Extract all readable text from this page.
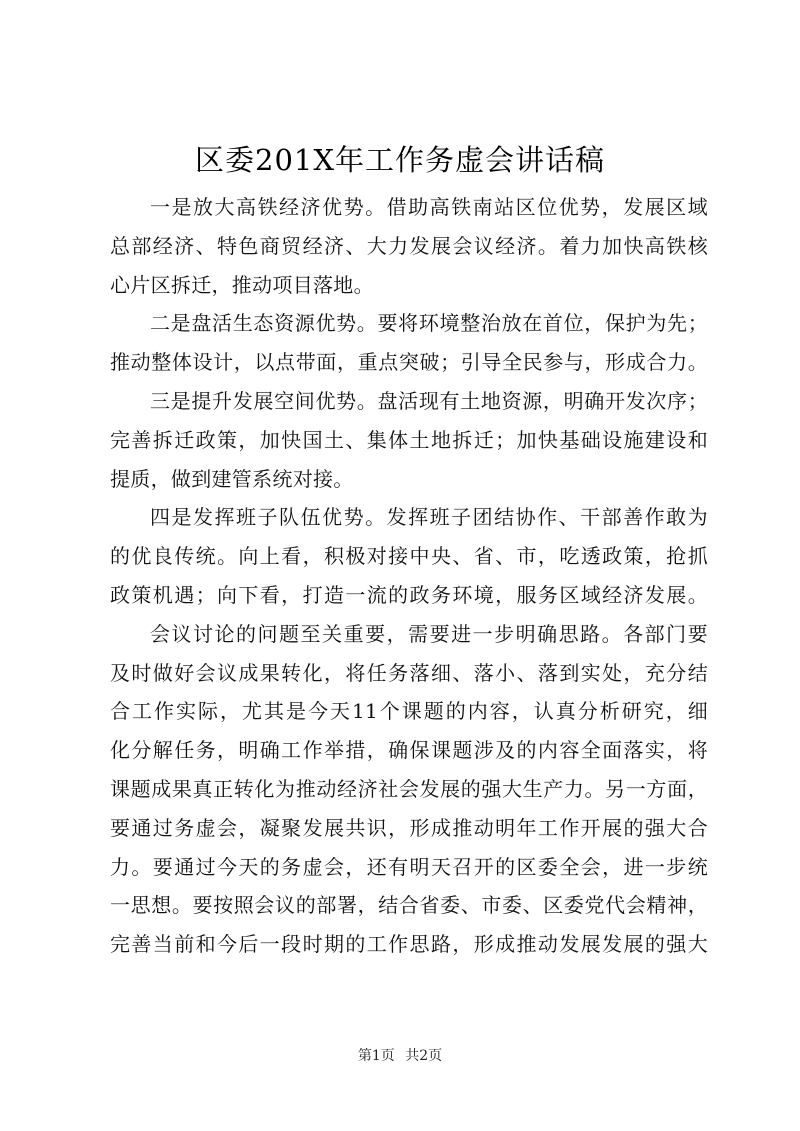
区委201X年工作务虚会讲话稿
一是放大高铁经济优势。借助高铁南站区位优势，发展区域
总部经济、特色商贸经济、大力发展会议经济。着力加快高铁核
心片区拆迁，推动项目落地。
二是盘活生态资源优势。要将环境整治放在首位，保护为先；
推动整体设计，以点带面，重点突破；引导全民参与，形成合力。
三是提升发展空间优势。盘活现有土地资源，明确开发次序；
完善拆迁政策，加快国土、集体土地拆迁；加快基础设施建设和
提质，做到建管系统对接。
四是发挥班子队伍优势。发挥班子团结协作、干部善作敢为
的优良传统。向上看，积极对接中央、省、市，吃透政策，抢抓
政策机遇；向下看，打造一流的政务环境，服务区域经济发展。
会议讨论的问题至关重要，需要进一步明确思路。各部门要
及时做好会议成果转化，将任务落细、落小、落到实处，充分结
合工作实际，尤其是今天11个课题的内容，认真分析研究，细
化分解任务，明确工作举措，确保课题涉及的内容全面落实，将
课题成果真正转化为推动经济社会发展的强大生产力。另一方面，
要通过务虚会，凝聚发展共识，形成推动明年工作开展的强大合
力。要通过今天的务虚会，还有明天召开的区委全会，进一步统
一思想。要按照会议的部署，结合省委、市委、区委党代会精神，
完善当前和今后一段时期的工作思路，形成推动发展发展的强大
第1页 共2页
